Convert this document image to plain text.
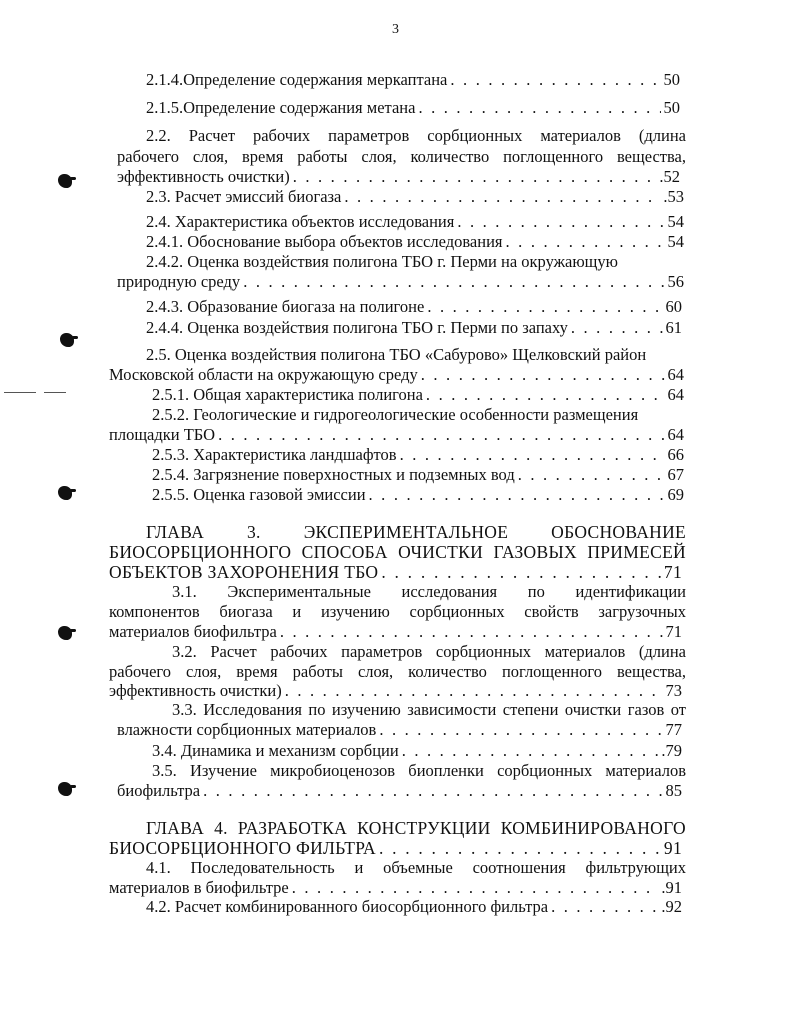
3
2.1.4.Определение содержания меркаптана . . .	50
2.1.5.Определение содержания метана . . .	50
2.2. Расчет рабочих параметров сорбционных материалов (длина
рабочего слоя, время работы слоя, количество поглощенного вещества,
эффективность очистки) . . .	.52
2.3. Расчет эмиссий биогаза . . .	.53
2.4. Характеристика объектов исследования . . .	54
2.4.1. Обоснование выбора объектов исследования . . .	54
2.4.2. Оценка воздействия полигона ТБО г. Перми на окружающую
природную среду . . .	56
2.4.3. Образование биогаза на полигоне . . .	60
2.4.4. Оценка воздействия полигона ТБО г. Перми по запаху . . .	61
2.5. Оценка воздействия полигона ТБО «Сабурово» Щелковский район
Московской области на окружающую среду . . .	64
2.5.1. Общая характеристика полигона . . .	64
2.5.2. Геологические и гидрогеологические особенности размещения
площадки ТБО . . .	64
2.5.3. Характеристика ландшафтов . . .	66
2.5.4. Загрязнение поверхностных и подземных вод . . .	67
2.5.5. Оценка газовой эмиссии . . .	69
ГЛАВА 3. ЭКСПЕРИМЕНТАЛЬНОЕ ОБОСНОВАНИЕ
БИОСОРБЦИОННОГО СПОСОБА ОЧИСТКИ ГАЗОВЫХ ПРИМЕСЕЙ
ОБЪЕКТОВ ЗАХОРОНЕНИЯ ТБО . . .	71
3.1. Экспериментальные исследования по идентификации
компонентов биогаза и изучению сорбционных свойств загрузочных
материалов биофильтра . . .	71
3.2. Расчет рабочих параметров сорбционных материалов (длина
рабочего слоя, время работы слоя, количество поглощенного вещества,
эффективность очистки) . . .	73
3.3. Исследования по изучению зависимости степени очистки газов от
влажности сорбционных материалов . . .	77
3.4. Динамика и механизм сорбции . . .	.79
3.5. Изучение микробиоценозов биопленки сорбционных материалов
биофильтра . . .	85
ГЛАВА 4. РАЗРАБОТКА КОНСТРУКЦИИ КОМБИНИРОВАНОГО
БИОСОРБЦИОННОГО ФИЛЬТРА . . .	91
4.1. Последовательность и объемные соотношения фильтрующих
материалов в биофильтре . . .	.91
4.2. Расчет комбинированного биосорбционного фильтра . . .	.92
